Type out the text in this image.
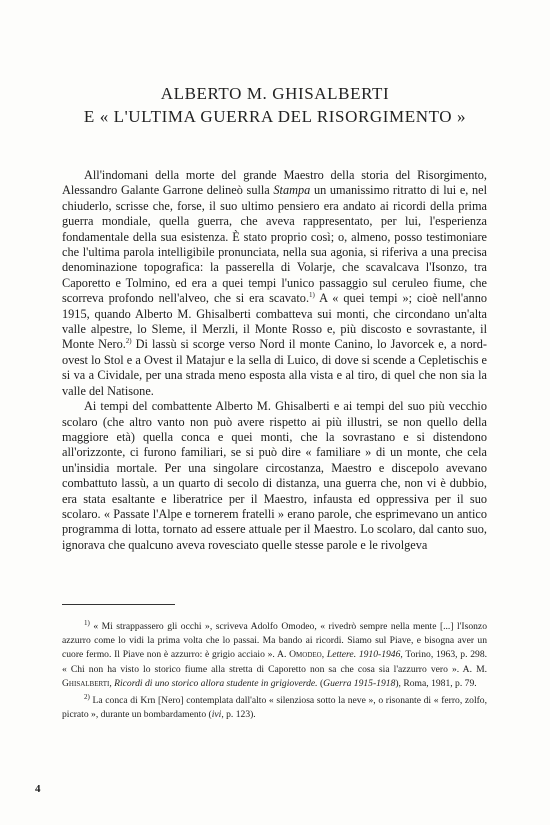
ALBERTO M. GHISALBERTI
E « L'ULTIMA GUERRA DEL RISORGIMENTO »

All'indomani della morte del grande Maestro della storia del Risorgimento, Alessandro Galante Garrone delineò sulla Stampa un umanissimo ritratto di lui e, nel chiuderlo, scrisse che, forse, il suo ultimo pensiero era andato ai ricordi della prima guerra mondiale, quella guerra, che aveva rappresentato, per lui, l'esperienza fondamentale della sua esistenza. È stato proprio così; o, almeno, posso testimoniare che l'ultima parola intelligibile pronunciata, nella sua agonia, si riferiva a una precisa denominazione topografica: la passerella di Volarje, che scavalcava l'Isonzo, tra Caporetto e Tolmino, ed era a quei tempi l'unico passaggio sul ceruleo fiume, che scorreva profondo nell'alveo, che si era scavato.$^{1)}$ A « quei tempi »; cioè nell'anno 1915, quando Alberto M. Ghisalberti combatteva sui monti, che circondano un'alta valle alpestre, lo Sleme, il Merzli, il Monte Rosso e, più discosto e sovrastante, il Monte Nero.$^{2)}$ Di lassù si scorge verso Nord il monte Canino, lo Javorcek e, a nord-ovest lo Stol e a Ovest il Matajur e la sella di Luico, di dove si scende a Cepletischis e si va a Cividale, per una strada meno esposta alla vista e al tiro, di quel che non sia la valle del Natisone.

Ai tempi del combattente Alberto M. Ghisalberti e ai tempi del suo più vecchio scolaro (che altro vanto non può avere rispetto ai più illustri, se non quello della maggiore età) quella conca e quei monti, che la sovrastano e si distendono all'orizzonte, ci furono familiari, se si può dire « familiare » di un monte, che cela un'insidia mortale. Per una singolare circostanza, Maestro e discepolo avevano combattuto lassù, a un quarto di secolo di distanza, una guerra che, non vi è dubbio, era stata esaltante e liberatrice per il Maestro, infausta ed oppressiva per il suo scolaro. « Passate l'Alpe e tornerem fratelli » erano parole, che esprimevano un antico programma di lotta, tornato ad essere attuale per il Maestro. Lo scolaro, dal canto suo, ignorava che qualcuno aveva rovesciato quelle stesse parole e le rivolgeva

$^{1)}$ « Mi strappassero gli occhi », scriveva Adolfo Omodeo, « rivedrò sempre nella mente [...] l'Isonzo azzurro come lo vidi la prima volta che lo passai. Ma bando ai ricordi. Siamo sul Piave, e bisogna aver un cuore fermo. Il Piave non è azzurro: è grigio acciaio ». A. Omodeo, Lettere. 1910-1946, Torino, 1963, p. 298. « Chi non ha visto lo storico fiume alla stretta di Caporetto non sa che cosa sia l'azzurro vero ». A. M. Ghisalberti, Ricordi di uno storico allora studente in grigioverde. (Guerra 1915-1918), Roma, 1981, p. 79.

$^{2)}$ La conca di Krn [Nero] contemplata dall'alto « silenziosa sotto la neve », o risonante di « ferro, zolfo, picrato », durante un bombardamento (ivi, p. 123).

4
